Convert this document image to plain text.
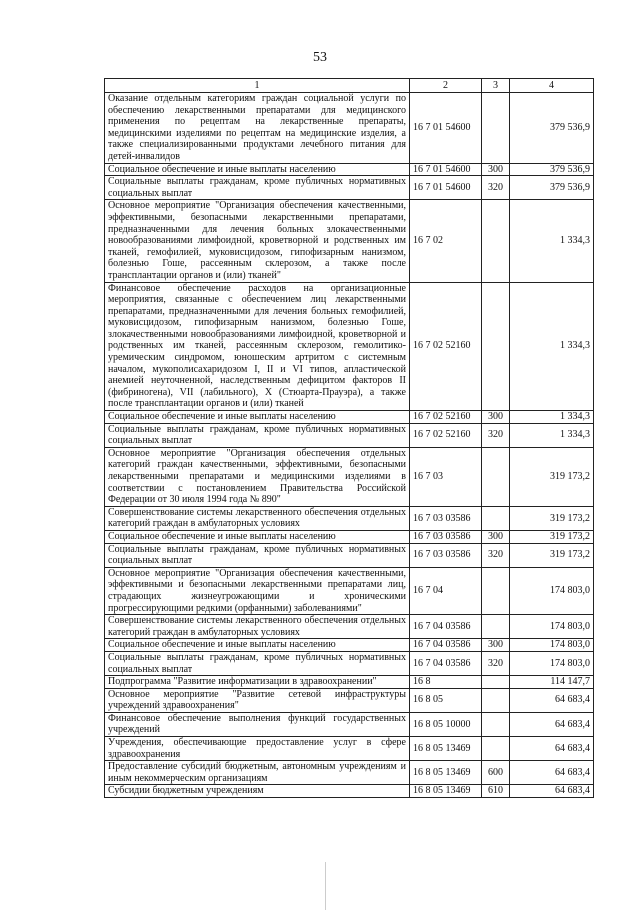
53
1	2	3	4
Оказание отдельным категориям граждан социальной услуги по обеспечению лекарственными препаратами для медицинского применения по рецептам на лекарственные препараты, медицинскими изделиями по рецептам на медицинские изделия, а также специализированными продуктами лечебного питания для детей-инвалидов	16 7 01 54600		379 536,9
Социальное обеспечение и иные выплаты населению	16 7 01 54600	300	379 536,9
Социальные выплаты гражданам, кроме публичных нормативных социальных выплат	16 7 01 54600	320	379 536,9
Основное мероприятие "Организация обеспечения качественными, эффективными, безопасными лекарственными препаратами, предназначенными для лечения больных злокачественными новообразованиями лимфоидной, кроветворной и родственных им тканей, гемофилией, муковисцидозом, гипофизарным нанизмом, болезнью Гоше, рассеянным склерозом, а также после трансплантации органов и (или) тканей"	16 7 02		1 334,3
Финансовое обеспечение расходов на организационные мероприятия, связанные с обеспечением лиц лекарственными препаратами, предназначенными для лечения больных гемофилией, муковисцидозом, гипофизарным нанизмом, болезнью Гоше, злокачественными новообразованиями лимфоидной, кроветворной и родственных им тканей, рассеянным склерозом, гемолитико-уремическим синдромом, юношеским артритом с системным началом, мукополисахаридозом I, II и VI типов, апластической анемией неуточненной, наследственным дефицитом факторов II (фибриногена), VII (лабильного), X (Стюарта-Прауэра), а также после трансплантации органов и (или) тканей	16 7 02 52160		1 334,3
Социальное обеспечение и иные выплаты населению	16 7 02 52160	300	1 334,3
Социальные выплаты гражданам, кроме публичных нормативных социальных выплат	16 7 02 52160	320	1 334,3
Основное мероприятие "Организация обеспечения отдельных категорий граждан качественными, эффективными, безопасными лекарственными препаратами и медицинскими изделиями в соответствии с постановлением Правительства Российской Федерации от 30 июля 1994 года № 890"	16 7 03		319 173,2
Совершенствование системы лекарственного обеспечения отдельных категорий граждан в амбулаторных условиях	16 7 03 03586		319 173,2
Социальное обеспечение и иные выплаты населению	16 7 03 03586	300	319 173,2
Социальные выплаты гражданам, кроме публичных нормативных социальных выплат	16 7 03 03586	320	319 173,2
Основное мероприятие "Организация обеспечения качественными, эффективными и безопасными лекарственными препаратами лиц, страдающих жизнеугрожающими и хроническими прогрессирующими редкими (орфанными) заболеваниями"	16 7 04		174 803,0
Совершенствование системы лекарственного обеспечения отдельных категорий граждан в амбулаторных условиях	16 7 04 03586		174 803,0
Социальное обеспечение и иные выплаты населению	16 7 04 03586	300	174 803,0
Социальные выплаты гражданам, кроме публичных нормативных социальных выплат	16 7 04 03586	320	174 803,0
Подпрограмма "Развитие информатизации в здравоохранении"	16 8		114 147,7
Основное мероприятие "Развитие сетевой инфраструктуры учреждений здравоохранения"	16 8 05		64 683,4
Финансовое обеспечение выполнения функций государственных учреждений	16 8 05 10000		64 683,4
Учреждения, обеспечивающие предоставление услуг в сфере здравоохранения	16 8 05 13469		64 683,4
Предоставление субсидий бюджетным, автономным учреждениям и иным некоммерческим организациям	16 8 05 13469	600	64 683,4
Субсидии бюджетным учреждениям	16 8 05 13469	610	64 683,4
